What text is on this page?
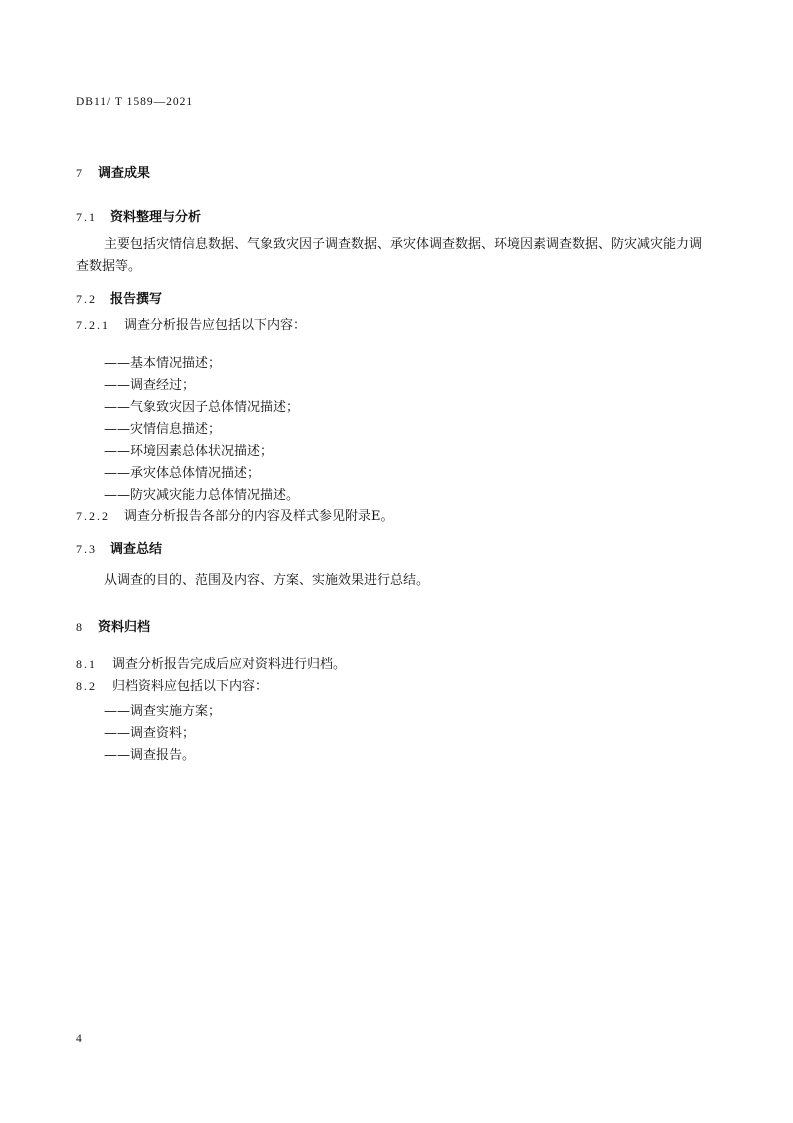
DB11/ T 1589—2021
7 调查成果
7.1 资料整理与分析
主要包括灾情信息数据、气象致灾因子调查数据、承灾体调查数据、环境因素调查数据、防灾减灾能力调查数据等。
7.2 报告撰写
7.2.1 调查分析报告应包括以下内容：
——基本情况描述；
——调查经过；
——气象致灾因子总体情况描述；
——灾情信息描述；
——环境因素总体状况描述；
——承灾体总体情况描述；
——防灾减灾能力总体情况描述。
7.2.2 调查分析报告各部分的内容及样式参见附录E。
7.3 调查总结
从调查的目的、范围及内容、方案、实施效果进行总结。
8 资料归档
8.1 调查分析报告完成后应对资料进行归档。
8.2 归档资料应包括以下内容：
——调查实施方案；
——调查资料；
——调查报告。
4
